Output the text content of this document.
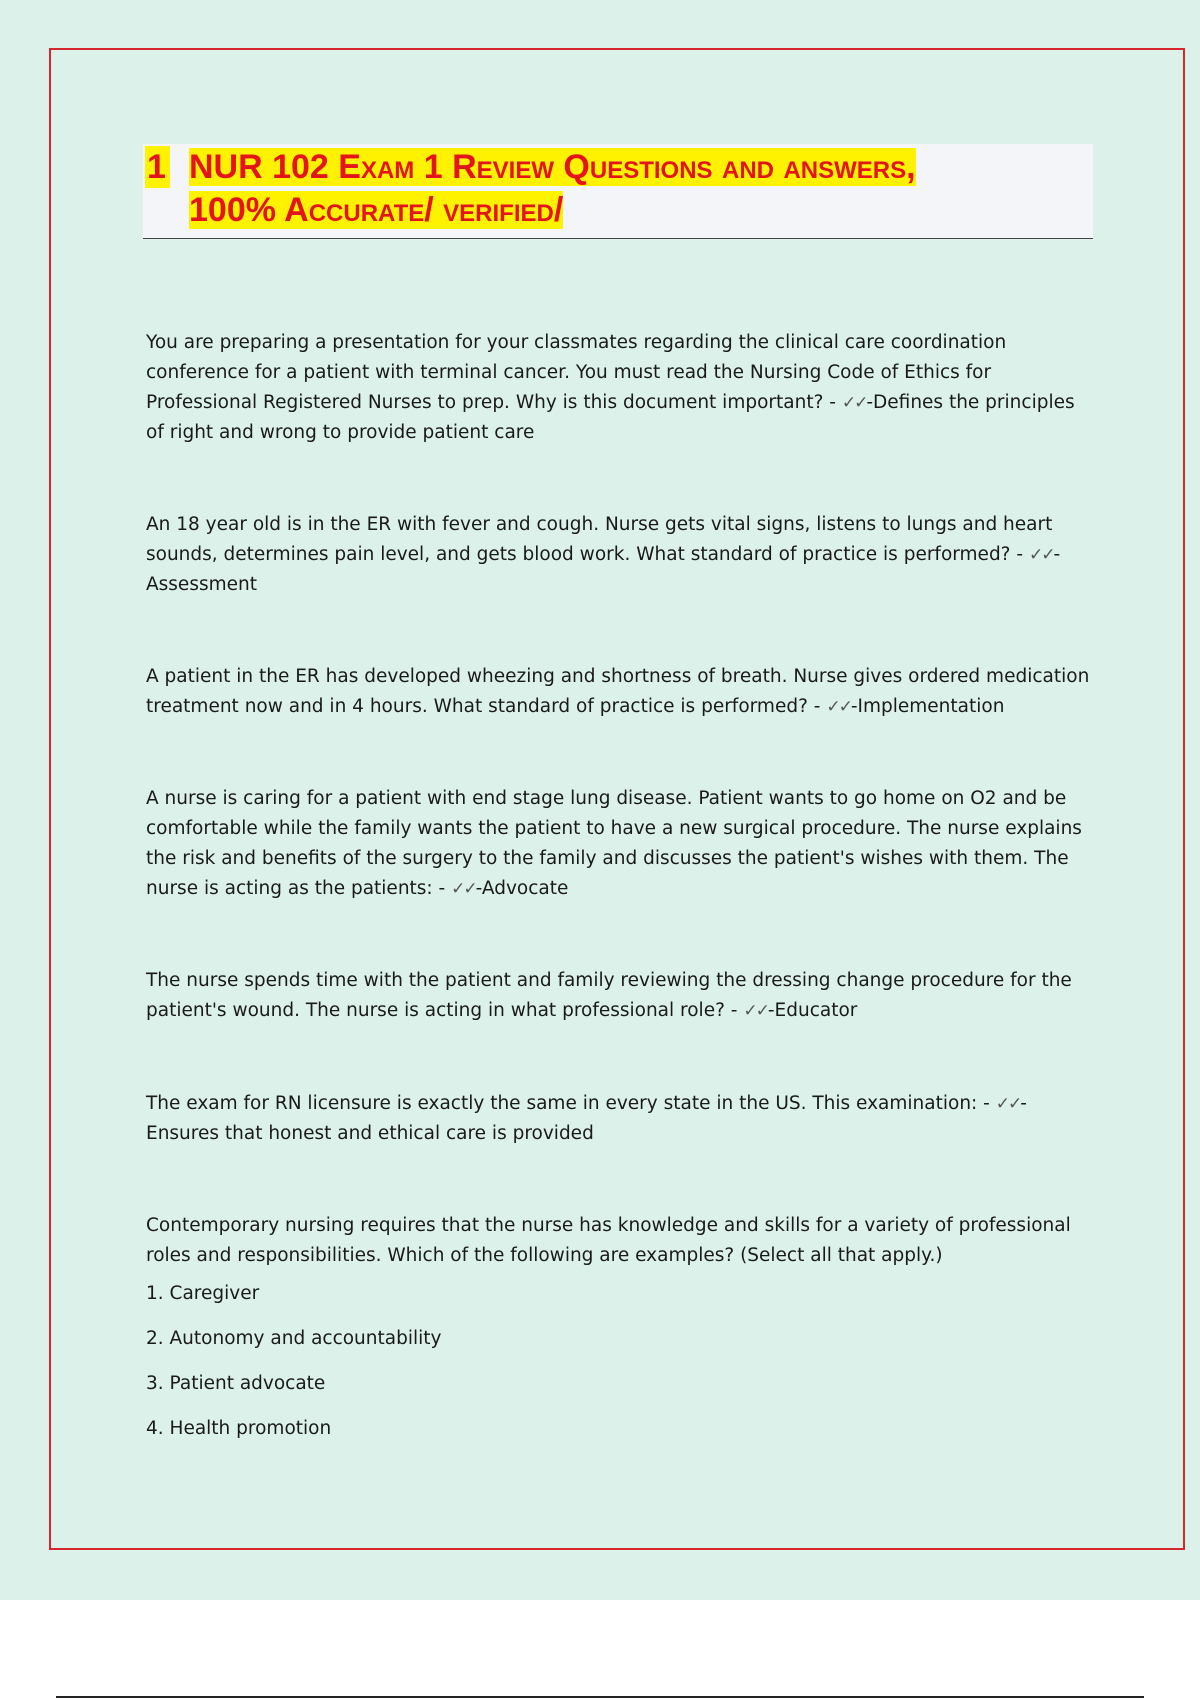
1 NUR 102 Exam 1 Review Questions and answers,
100% Accurate/ verified/

You are preparing a presentation for your classmates regarding the clinical care coordination conference for a patient with terminal cancer. You must read the Nursing Code of Ethics for Professional Registered Nurses to prep. Why is this document important? - ✓✓-Defines the principles of right and wrong to provide patient care

An 18 year old is in the ER with fever and cough. Nurse gets vital signs, listens to lungs and heart sounds, determines pain level, and gets blood work. What standard of practice is performed? - ✓✓-Assessment

A patient in the ER has developed wheezing and shortness of breath. Nurse gives ordered medication treatment now and in 4 hours. What standard of practice is performed? - ✓✓-Implementation

A nurse is caring for a patient with end stage lung disease. Patient wants to go home on O2 and be comfortable while the family wants the patient to have a new surgical procedure. The nurse explains the risk and benefits of the surgery to the family and discusses the patient's wishes with them. The nurse is acting as the patients: - ✓✓-Advocate

The nurse spends time with the patient and family reviewing the dressing change procedure for the patient's wound. The nurse is acting in what professional role? - ✓✓-Educator

The exam for RN licensure is exactly the same in every state in the US. This examination: - ✓✓-Ensures that honest and ethical care is provided

Contemporary nursing requires that the nurse has knowledge and skills for a variety of professional roles and responsibilities. Which of the following are examples? (Select all that apply.)

1. Caregiver

2. Autonomy and accountability

3. Patient advocate

4. Health promotion
